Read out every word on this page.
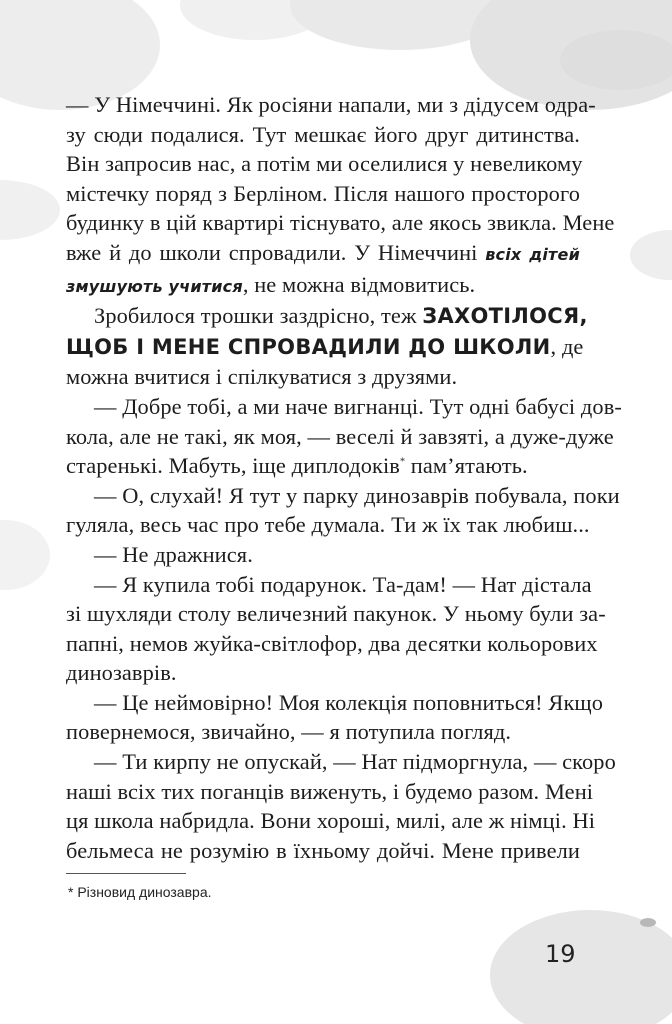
— У Німеччині. Як росіяни напали, ми з дідусем одра-
зу сюди подалися. Тут мешкає його друг дитинства.
Він запросив нас, а потім ми оселилися у невеликому
містечку поряд з Берліном. Після нашого просторого
будинку в цій квартирі тіснувато, але якось звикла. Мене
вже й до школи спровадили. У Німеччині всіх дітей
змушують учитися, не можна відмовитись.
Зробилося трошки заздрісно, теж ЗАХОТІЛОСЯ,
ЩОБ І МЕНЕ СПРОВАДИЛИ ДО ШКОЛИ, де
можна вчитися і спілкуватися з друзями.
— Добре тобі, а ми наче вигнанці. Тут одні бабусі дов-
кола, але не такі, як моя, — веселі й завзяті, а дуже-дуже
старенькі. Мабуть, іще диплодоків* пам’ятають.
— О, слухай! Я тут у парку динозаврів побувала, поки
гуляла, весь час про тебе думала. Ти ж їх так любиш...
— Не дражнися.
— Я купила тобі подарунок. Та-дам! — Нат дістала
зі шухляди столу величезний пакунок. У ньому були за-
папні, немов жуйка-світлофор, два десятки кольорових
динозаврів.
— Це неймовірно! Моя колекція поповниться! Якщо
повернемося, звичайно, — я потупила погляд.
— Ти кирпу не опускай, — Нат підморгнула, — скоро
наші всіх тих поганців виженуть, і будемо разом. Мені
ця школа набридла. Вони хороші, милі, але ж німці. Ні
бельмеса не розумію в їхньому дойчі. Мене привели
* Різновид динозавра.
19
